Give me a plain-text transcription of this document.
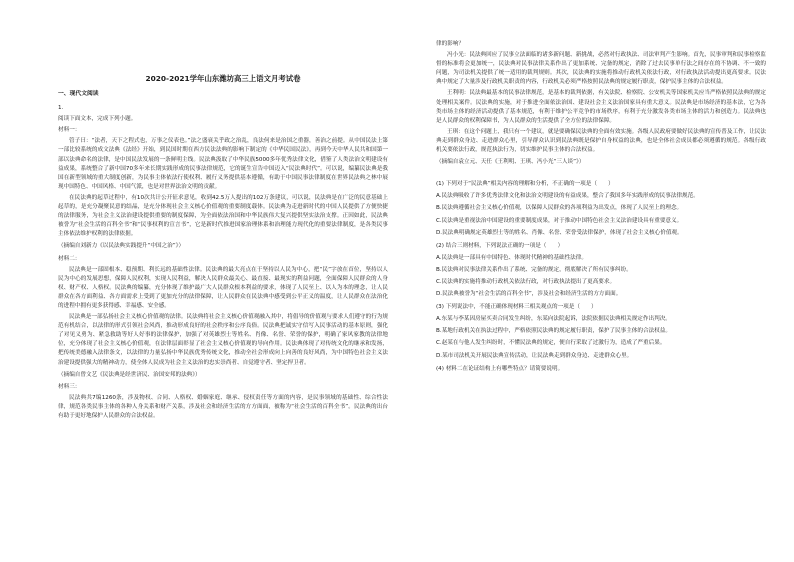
2020-2021学年山东潍坊高三上语文月考试卷
一、现代文阅读
1.
阅读下面文本，完成下列小题。
材料一：
管子曰：“法者，天下之程式也，万事之仪表也。”法之盛衰关乎政之治乱，良法何来是治国之重器，善治之前提。从中国民法上第一部比较系统的成文法典《法经》开始，到民国时期在西方民法法典的影响下制定的《中华民国民法》，再到今天中华人民共和国第一部以法典命名的法律，是中国民法发展的一条鲜明主线。民法典汲取了中华民族5000多年优秀法律文化，借鉴了人类法治文明建设有益成果，系统整合了新中国70多年来长期实践形成的民事法律规范，它的诞生宣告中国迈入“民法典时代”。可以说，编纂民法典是我国在新型领域的重大制度创新，为民事主体依法行使权利、履行义务提供基本遵循，有助于中国民事法律制度在世界民法典之林中展现中国特色、中国风格、中国气派，也是对世界法治文明的贡献。
在民法典的起草过程中，有10次共计公开征求意见，收到42.5万人提出的102万条建议，可以说，民法典是在广泛的民意基础上起草的，是充分凝聚民意的结晶，是充分体现社会主义核心价值观的重要制度载体。民法典为走进新时代的中国人民提供了方便快捷的法律服务，为社会主义法治建设提供重要的制度保障，为全面依法治国和中华民族伟大复兴提供坚实法治支撑。正因如此，民法典被誉为“社会生活的百科全书”和“民事权利的宣言书”，它是新时代推进国家治理体系和治理能力现代化的重要法律制度，是各类民事主体依法维护权利的法律依据。
（摘编自刘新力《以民法典实践提升“中国之治”》）
材料二：
民法典是一部固根本、稳预期、利长远的基础性法律。民法典的最大亮点在于坚持以人民为中心，把“民”字放在首位，坚持以人民为中心的发展思想，保障人民权利，实现人民利益，解决人民群众最关心、最直接、最现实的利益问题，全面保障人民群众的人身权、财产权、人格权。民法典的编纂，充分体现了维护最广大人民群众根本利益的要求，体现了人民至上、以人为本的理念，让人民群众在各方面利益、各方面需求上受到了更加充分的法律保障，让人民群众在民法典中感受到公平正义的温度，让人民群众在法治化的进程中拥有更多获得感、幸福感、安全感。
民法典是一部弘扬社会主义核心价值观的法律。民法典将社会主义核心价值观融入其中，将倡导的价值观与要求人们遵守的行为规范有机结合，以法律的形式引领社会风尚，推动形成良好的社会秩序和公序良俗。民法典把诚实守信写入民事活动的基本原则，强化了对见义勇为、紧急救助等好人好事的法律保护，加强了对英雄烈士等姓名、肖像、名誉、荣誉的保护，明确了家风家教的法律地位，充分体现了社会主义核心价值观，在法律层面彰显了社会主义核心价值观的导向作用。民法典体现了对传统文化的继承和发扬，把传统美德融入法律条文，以法律的力量弘扬中华民族优秀传统文化，推动全社会形成向上向善的良好风尚，为中国特色社会主义法治建设提供强大的精神动力，使全体人民成为社会主义法治的忠实崇尚者、自觉遵守者、坚定捍卫者。
（摘编自曾文艺《民法典是经世济民、治国安邦的法典》）
材料三：
民法典共7编1260条，涉及物权、合同、人格权、婚姻家庭、继承、侵权责任等方面的内容，是民事领域的基础性、综合性法律，规范各类民事主体的各种人身关系和财产关系，涉及社会和经济生活的方方面面，被称为“社会生活的百科全书”。民法典的出台有助于更好地保护人民群众的合法权益。
律的影响？
冯小光：民法典回应了民事立法面临的诸多新问题、新挑战，必然对行政执法、司法审判产生影响。首先，民事审判和民事检察监督的标准将会更加统一，民法典对民事法律关系作出了更加系统、完备的规定，消除了过去民事单行法之间存在的不协调、不一致的问题，为司法机关提供了统一适用的裁判规则。其次，民法典的实施将推动行政机关依法行政，对行政执法活动提出更高要求。民法典中规定了大量涉及行政机关职责的内容，行政机关必须严格按照民法典的规定履行职责，保护民事主体的合法权益。
王利明：民法典最基本的民事法律规范，是基本的裁判依据，有关法院、检察院、公安机关等国家机关应当严格依照民法典的规定处理相关案件。民法典的实施，对于推进全面依法治国、建设社会主义法治国家具有重大意义。民法典是市场经济的基本法，它为各类市场主体的经济活动提供了基本规范，有利于维护公平竞争的市场秩序，有利于充分激发各类市场主体的活力和创造力。民法典也是人民群众的权利保障书，为人民群众的生活提供了全方位的法律保障。
王琪：在这个问题上，我只有一个建议，就是要确保民法典的全面有效实施。各级人民政府要做好民法典的宣传普及工作，让民法典走到群众身边、走进群众心里，引导群众认识到民法典既是保护自身权益的法典，也是全体社会成员都必须遵循的规范。各级行政机关要依法行政，规范执法行为，切实维护民事主体的合法权益。
（摘编自袁立元、天任《王利明、王琪、冯小光“三人谈”》）
(1) 下列对于“民法典”相关内容的理解和分析，不正确的一项是（　　）
A.民法典吸收了许多优秀法律文化和法治文明建设的有益成果，整合了我国多年实践形成的民事法律规范。
B.民法典遵循社会主义核心价值观，以保障人民群众的各项利益为出发点，体现了人民至上的理念。
C.民法典是重视法治中国建设的重要制度成果，对于推动中国特色社会主义法治建设具有重要意义。
D.民法典明确规定英雄烈士等的姓名、肖像、名誉、荣誉受法律保护，体现了社会主义核心价值观。
(2) 结合三则材料，下列说法正确的一项是（　　）
A.民法典是一部具有中国特色、体现时代精神的基础性法律。
B.民法典对民事法律关系作出了系统、完备的规定，彻底解决了所有民事纠纷。
C.民法典的实施将推动行政机关依法行政，对行政执法提出了更高要求。
D.民法典被誉为“社会生活的百科全书”，涉及社会和经济生活的方方面面。
(3) 下列说法中，不能正确体现材料三相关观点的一项是（　　）
A.东某与李某因房屋买卖合同发生纠纷，东某向法院起诉，法院依据民法典相关规定作出判决。
B.某地行政机关在执法过程中，严格依照民法典的规定履行职责，保护了民事主体的合法权益。
C.赵某在与他人发生纠纷时，不懂民法典的规定，便自行采取了过激行为，造成了严重后果。
D.某市司法机关开展民法典宣传活动，让民法典走到群众身边、走进群众心里。
(4) 材料二在论证结构上有哪些特点？请简要说明。
